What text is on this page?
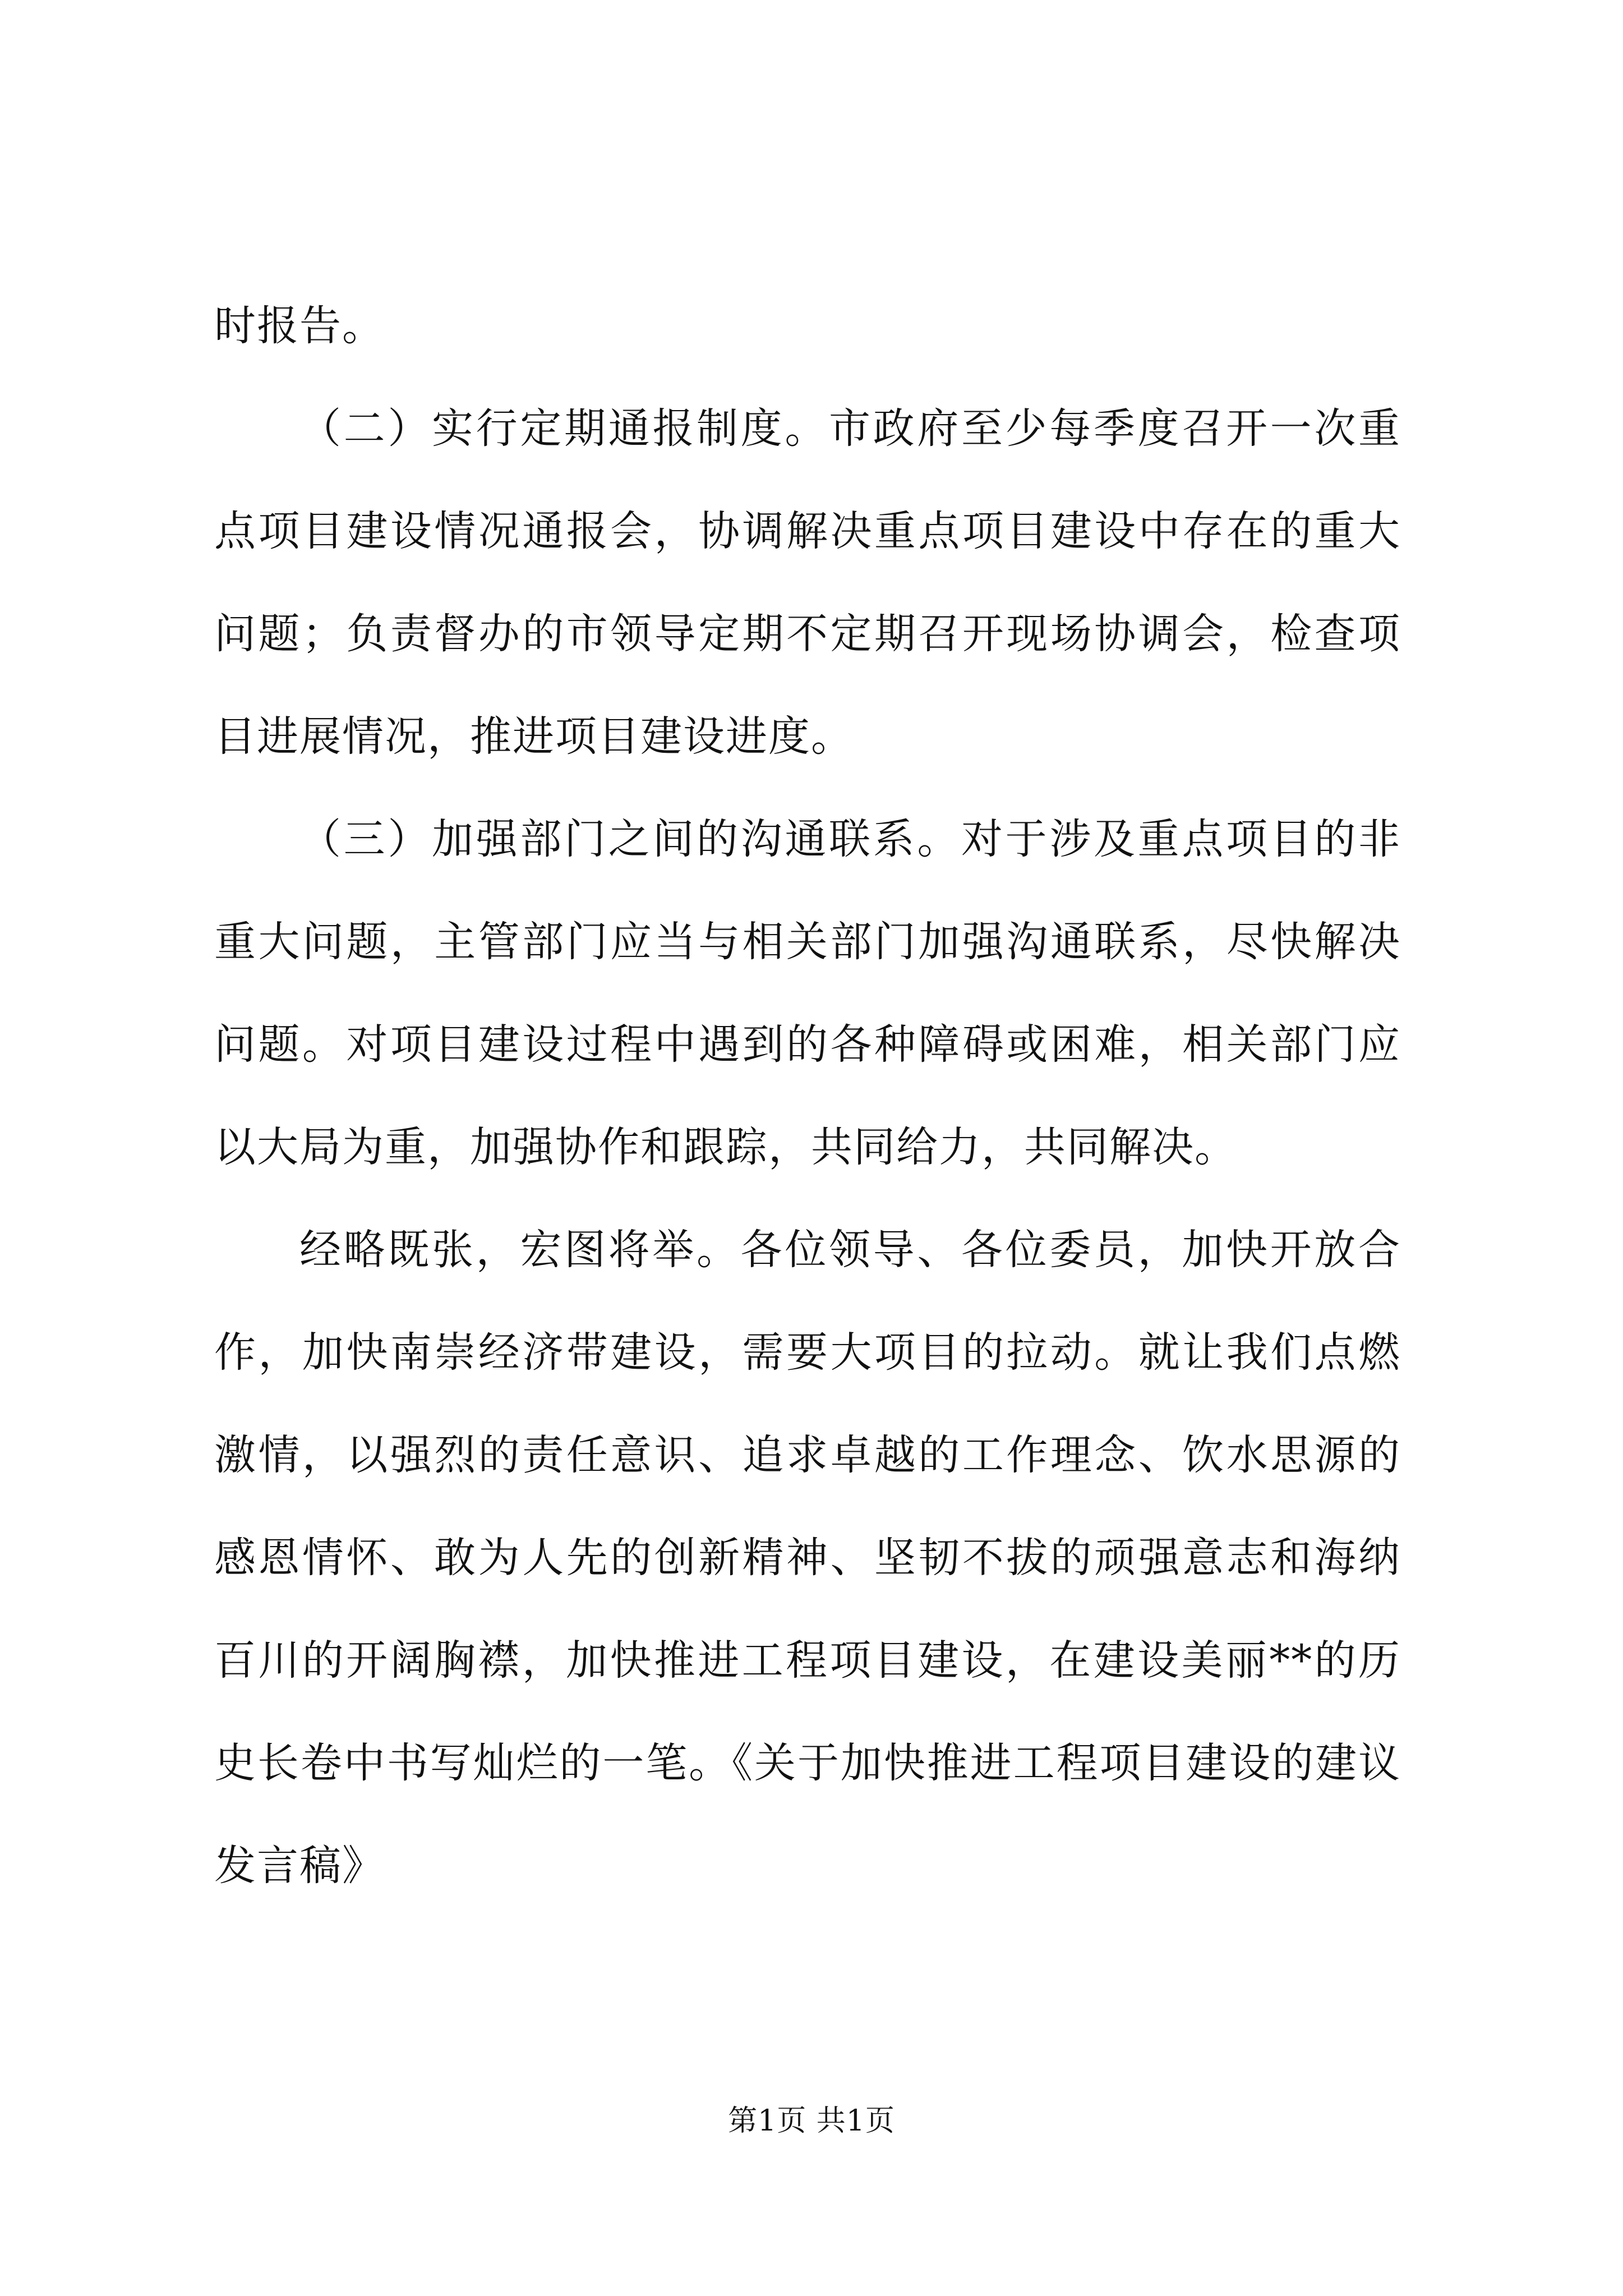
时报告。

（二）实行定期通报制度。市政府至少每季度召开一次重点项目建设情况通报会，协调解决重点项目建设中存在的重大问题；负责督办的市领导定期不定期召开现场协调会，检查项目进展情况，推进项目建设进度。

（三）加强部门之间的沟通联系。对于涉及重点项目的非重大问题，主管部门应当与相关部门加强沟通联系，尽快解决问题。对项目建设过程中遇到的各种障碍或困难，相关部门应以大局为重，加强协作和跟踪，共同给力，共同解决。

经略既张，宏图将举。各位领导、各位委员，加快开放合作，加快南崇经济带建设，需要大项目的拉动。就让我们点燃激情，以强烈的责任意识、追求卓越的工作理念、饮水思源的感恩情怀、敢为人先的创新精神、坚韧不拔的顽强意志和海纳百川的开阔胸襟，加快推进工程项目建设，在建设美丽**的历史长卷中书写灿烂的一笔。《关于加快推进工程项目建设的建议发言稿》

第1页 共1页
